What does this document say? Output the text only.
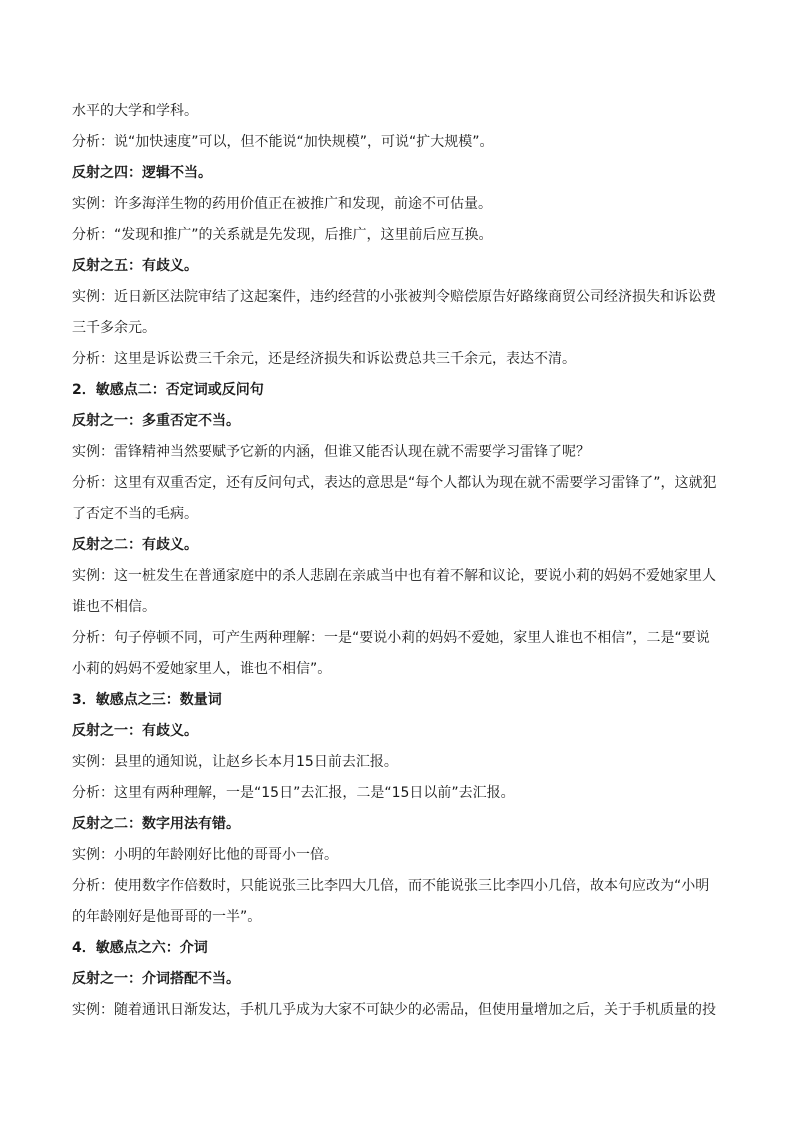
水平的大学和学科。
分析：说“加快速度”可以，但不能说“加快规模”，可说“扩大规模”。
反射之四：逻辑不当。
实例：许多海洋生物的药用价值正在被推广和发现，前途不可估量。
分析：“发现和推广”的关系就是先发现，后推广，这里前后应互换。
反射之五：有歧义。
实例：近日新区法院审结了这起案件，违约经营的小张被判令赔偿原告好路缘商贸公司经济损失和诉讼费
三千多余元。
分析：这里是诉讼费三千余元，还是经济损失和诉讼费总共三千余元，表达不清。
2．敏感点二：否定词或反问句
反射之一：多重否定不当。
实例：雷锋精神当然要赋予它新的内涵，但谁又能否认现在就不需要学习雷锋了呢？
分析：这里有双重否定，还有反问句式，表达的意思是“每个人都认为现在就不需要学习雷锋了”，这就犯
了否定不当的毛病。
反射之二：有歧义。
实例：这一桩发生在普通家庭中的杀人悲剧在亲戚当中也有着不解和议论，要说小莉的妈妈不爱她家里人
谁也不相信。
分析：句子停顿不同，可产生两种理解：一是“要说小莉的妈妈不爱她，家里人谁也不相信”，二是“要说
小莉的妈妈不爱她家里人，谁也不相信”。
3．敏感点之三：数量词
反射之一：有歧义。
实例：县里的通知说，让赵乡长本月15日前去汇报。
分析：这里有两种理解，一是“15日”去汇报，二是“15日以前”去汇报。
反射之二：数字用法有错。
实例：小明的年龄刚好比他的哥哥小一倍。
分析：使用数字作倍数时，只能说张三比李四大几倍，而不能说张三比李四小几倍，故本句应改为“小明
的年龄刚好是他哥哥的一半”。
4．敏感点之六：介词
反射之一：介词搭配不当。
实例：随着通讯日渐发达，手机几乎成为大家不可缺少的必需品，但使用量增加之后，关于手机质量的投
